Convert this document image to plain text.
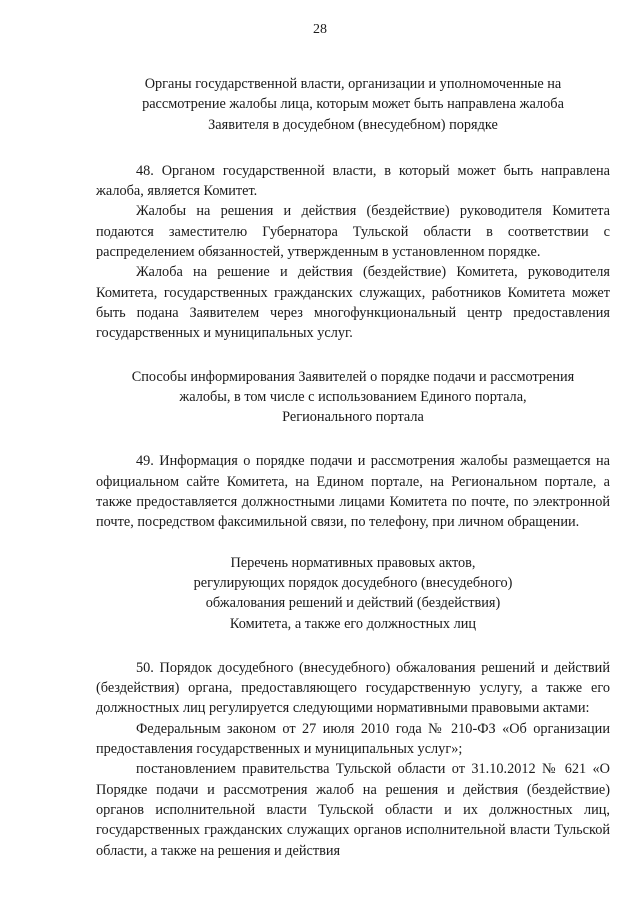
28
Органы государственной власти, организации и уполномоченные на
рассмотрение жалобы лица, которым может быть направлена жалоба
Заявителя в досудебном (внесудебном) порядке

48. Органом государственной власти, в который может быть направлена жалоба, является Комитет.

Жалобы на решения и действия (бездействие) руководителя Комитета подаются заместителю Губернатора Тульской области в соответствии с распределением обязанностей, утвержденным в установленном порядке.

Жалоба на решение и действия (бездействие) Комитета, руководителя Комитета, государственных гражданских служащих, работников Комитета может быть подана Заявителем через многофункциональный центр предоставления государственных и муниципальных услуг.

Способы информирования Заявителей о порядке подачи и рассмотрения
жалобы, в том числе с использованием Единого портала,
Регионального портала

49. Информация о порядке подачи и рассмотрения жалобы размещается на официальном сайте Комитета, на Едином портале, на Региональном портале, а также предоставляется должностными лицами Комитета по почте, по электронной почте, посредством факсимильной связи, по телефону, при личном обращении.

Перечень нормативных правовых актов,
регулирующих порядок досудебного (внесудебного)
обжалования решений и действий (бездействия)
Комитета, а также его должностных лиц

50. Порядок досудебного (внесудебного) обжалования решений и действий (бездействия) органа, предоставляющего государственную услугу, а также его должностных лиц регулируется следующими нормативными правовыми актами:

Федеральным законом от 27 июля 2010 года № 210-ФЗ «Об организации предоставления государственных и муниципальных услуг»;

постановлением правительства Тульской области от 31.10.2012 № 621 «О Порядке подачи и рассмотрения жалоб на решения и действия (бездействие) органов исполнительной власти Тульской области и их должностных лиц, государственных гражданских служащих органов исполнительной власти Тульской области, а также на решения и действия
